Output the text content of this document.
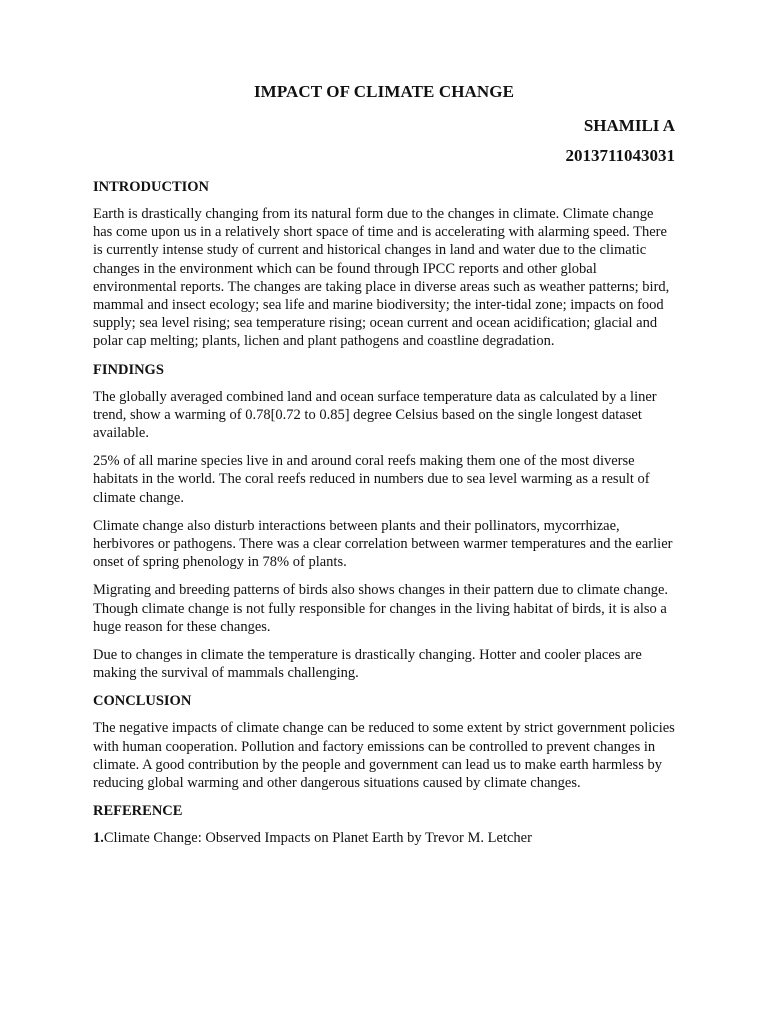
IMPACT OF CLIMATE CHANGE
SHAMILI A
2013711043031
INTRODUCTION

Earth is drastically changing from its natural form due to the changes in climate. Climate change has come upon us in a relatively short space of time and is accelerating with alarming speed. There is currently intense study of current and historical changes in land and water due to the climatic changes in the environment which can be found through IPCC reports and other global environmental reports. The changes are taking place in diverse areas such as weather patterns; bird, mammal and insect ecology; sea life and marine biodiversity; the inter-tidal zone; impacts on food supply; sea level rising; sea temperature rising; ocean current and ocean acidification; glacial and polar cap melting; plants, lichen and plant pathogens and coastline degradation.

FINDINGS

The globally averaged combined land and ocean surface temperature data as calculated by a liner trend, show a warming of 0.78[0.72 to 0.85] degree Celsius based on the single longest dataset available.

25% of all marine species live in and around coral reefs making them one of the most diverse habitats in the world. The coral reefs reduced in numbers due to sea level warming as a result of climate change.

Climate change also disturb interactions between plants and their pollinators, mycorrhizae, herbivores or pathogens. There was a clear correlation between warmer temperatures and the earlier onset of spring phenology in 78% of plants.

Migrating and breeding patterns of birds also shows changes in their pattern due to climate change. Though climate change is not fully responsible for changes in the living habitat of birds, it is also a huge reason for these changes.

Due to changes in climate the temperature is drastically changing. Hotter and cooler places are making the survival of mammals challenging.

CONCLUSION

The negative impacts of climate change can be reduced to some extent by strict government policies with human cooperation. Pollution and factory emissions can be controlled to prevent changes in climate. A good contribution by the people and government can lead us to make earth harmless by reducing global warming and other dangerous situations caused by climate changes.

REFERENCE

1.Climate Change: Observed Impacts on Planet Earth by Trevor M. Letcher
